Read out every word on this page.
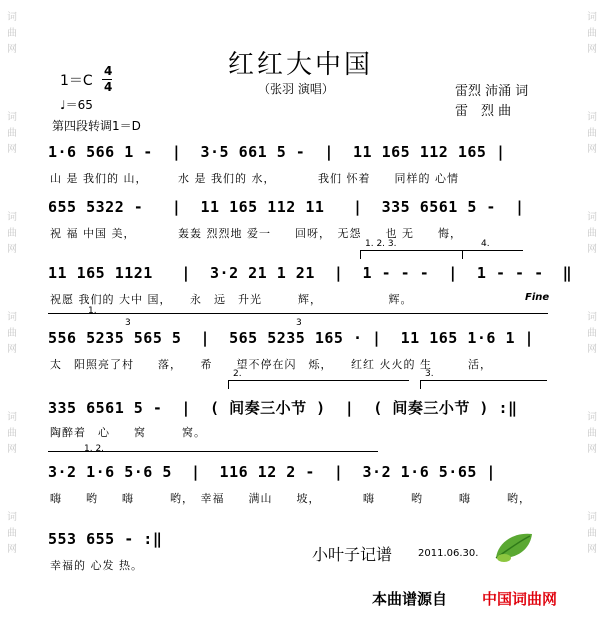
词曲网
词曲网
词曲网
词曲网
词曲网
词曲网
词曲网
词曲网
词曲网
词曲网
词曲网
词曲网
红红大中国
（张羽 演唱）	雷烈 沛涌 词
雷　烈 曲
1＝C
4
4
♩＝65
第四段转调1＝D
1·6 566 1 -  |  3·5 661 5 -  |  11 165 112 165 |
山 是 我们的 山，　　　水 是 我们的 水，　　　　我们 怀着　　同样的 心情
655 5322 -   |  11 165 112 11   |  335 6561 5 -  |
祝 福 中国 美，　　　　轰轰 烈烈地 爱一　　回呀，　无怨　　也 无　　悔，
1. 2. 3.	4.
11 165 1121   |  3·2 21 1 21  |  1 - - -  |  1 - - -  ‖
祝愿 我们的 大中 国，　　永　远　升光　　　辉，　　　　　　辉。	Fine
1.
3	3
556 5235 565 5  |  565 5235 165 · |  11 165 1·6 1 |
太　阳照亮了村　　落，　　希　　望不停在闪　烁，　　红红 火火的 生　　　活，
2.	3.
335 6561 5 -  |  ( 间奏三小节 )  |  ( 间奏三小节 ) :‖
陶醉着　心　　窝　　　窝。
1. 2.
3·2 1·6 5·6 5  |  116 12 2 -  |  3·2 1·6 5·65 |
嗨　　哟　　嗨　　　哟，　幸福　　满山　　坡，　　　　嗨　　　哟　　　嗨　　　哟，
553 655 - :‖
幸福的 心发 热。
小叶子记谱	2011.06.30.
本曲谱源自 中国词曲网
